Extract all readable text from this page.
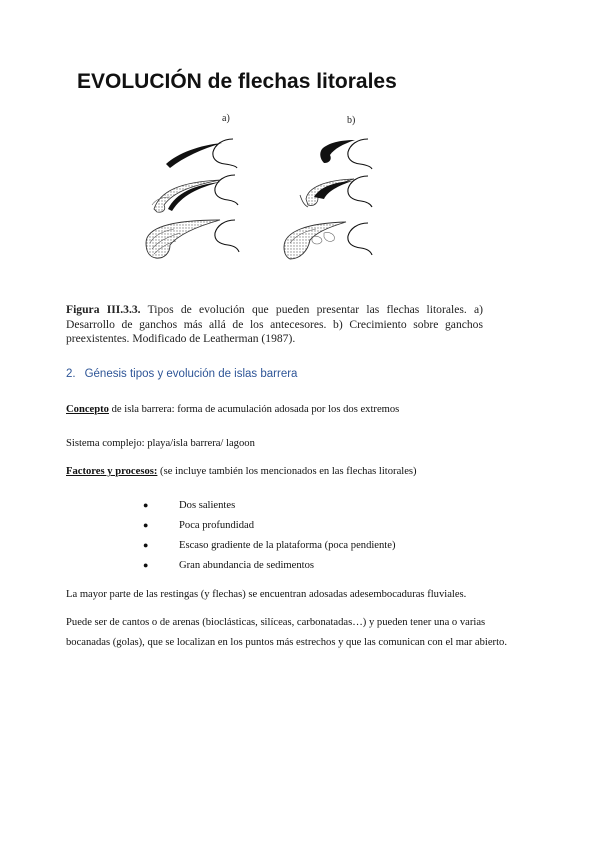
EVOLUCIÓN de flechas litorales
a)	b)

Figura III.3.3. Tipos de evolución que pueden presentar las flechas litorales. a) Desarrollo de ganchos más allá de los antecesores. b) Crecimiento sobre ganchos preexistentes. Modificado de Leatherman (1987).

2. Génesis tipos y evolución de islas barrera

Concepto de isla barrera: forma de acumulación adosada por los dos extremos

Sistema complejo: playa/isla barrera/ lagoon

Factores y procesos: (se incluye también los mencionados en las flechas litorales)

●	Dos salientes
●	Poca profundidad
●	Escaso gradiente de la plataforma (poca pendiente)
●	Gran abundancia de sedimentos

La mayor parte de las restingas (y flechas) se encuentran adosadas adesembocaduras fluviales.

Puede ser de cantos o de arenas (bioclásticas, silíceas, carbonatadas…) y pueden tener una o varias

bocanadas (golas), que se localizan en los puntos más estrechos y que las comunican con el mar abierto.
